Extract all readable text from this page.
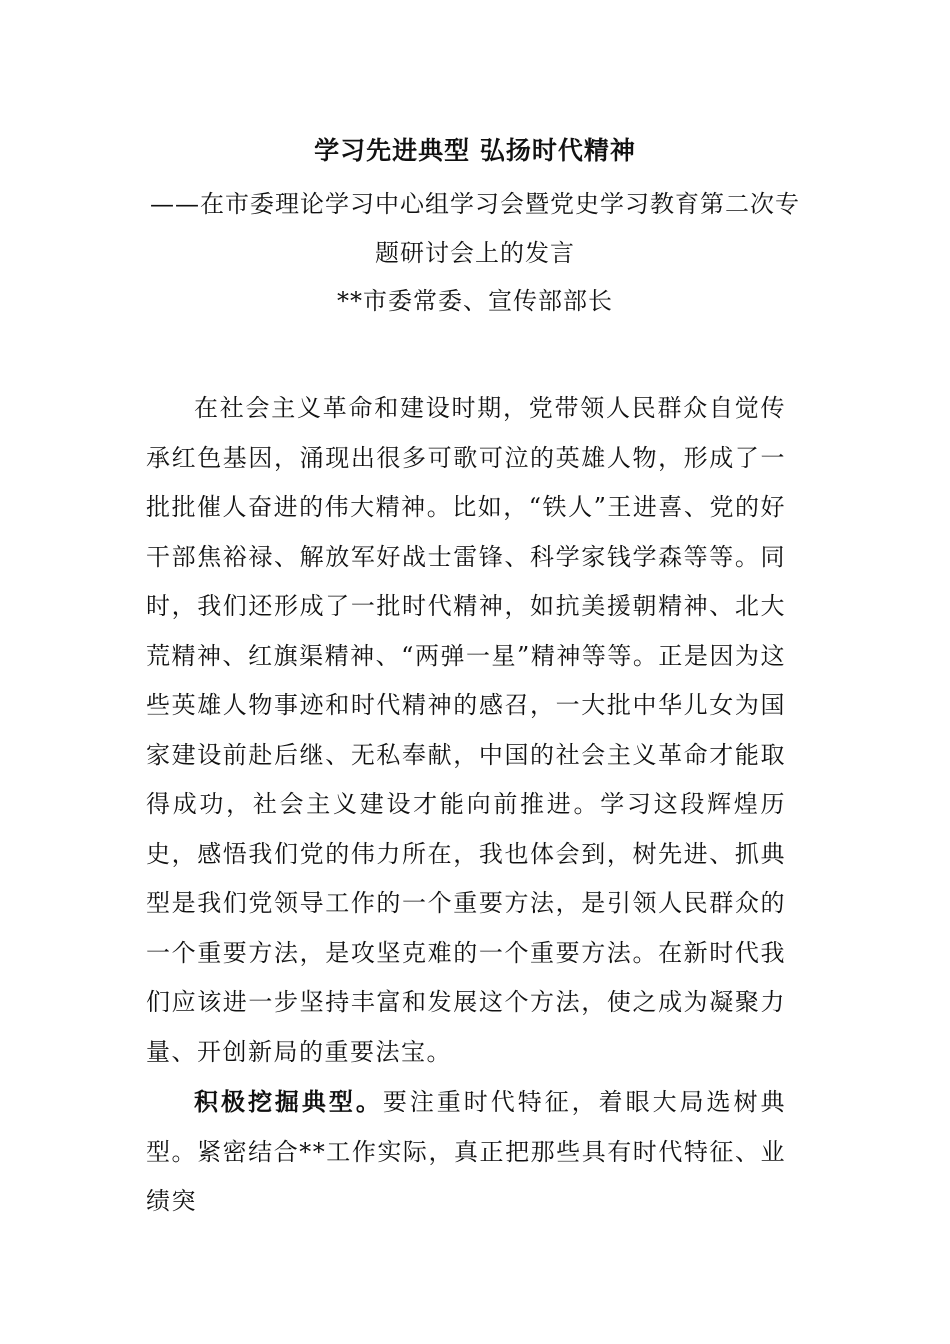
学习先进典型 弘扬时代精神
——在市委理论学习中心组学习会暨党史学习教育第二次专题研讨会上的发言
**市委常委、宣传部部长

在社会主义革命和建设时期，党带领人民群众自觉传承红色基因，涌现出很多可歌可泣的英雄人物，形成了一批批催人奋进的伟大精神。比如，“铁人”王进喜、党的好干部焦裕禄、解放军好战士雷锋、科学家钱学森等等。同时，我们还形成了一批时代精神，如抗美援朝精神、北大荒精神、红旗渠精神、“两弹一星”精神等等。正是因为这些英雄人物事迹和时代精神的感召，一大批中华儿女为国家建设前赴后继、无私奉献，中国的社会主义革命才能取得成功，社会主义建设才能向前推进。学习这段辉煌历史，感悟我们党的伟力所在，我也体会到，树先进、抓典型是我们党领导工作的一个重要方法，是引领人民群众的一个重要方法，是攻坚克难的一个重要方法。在新时代我们应该进一步坚持丰富和发展这个方法，使之成为凝聚力量、开创新局的重要法宝。

积极挖掘典型。要注重时代特征，着眼大局选树典型。紧密结合**工作实际，真正把那些具有时代特征、业绩突
